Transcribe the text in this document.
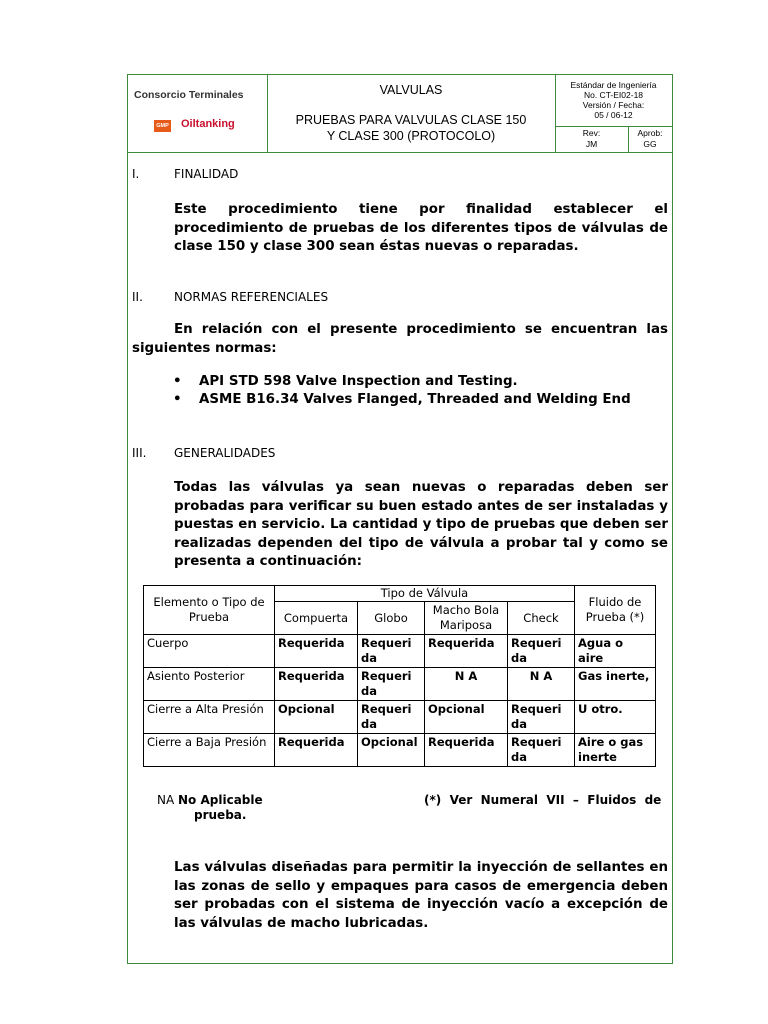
Consorcio Terminales
GMP Oiltanking
VALVULAS
PRUEBAS PARA VALVULAS CLASE 150
Y CLASE 300 (PROTOCOLO)
Estándar de Ingeniería
No. CT-EI02-18
Versión / Fecha:
05 / 06-12
Rev:
JM
Aprob:
GG
I.	FINALIDAD
Este procedimiento tiene por finalidad establecer el procedimiento de pruebas de los diferentes tipos de válvulas de clase 150 y clase 300 sean éstas nuevas o reparadas.
II.	NORMAS REFERENCIALES
En relación con el presente procedimiento se encuentran las siguientes normas:
• API STD 598 Valve Inspection and Testing.
• ASME B16.34 Valves Flanged, Threaded and Welding End
III. GENERALIDADES
Todas las válvulas ya sean nuevas o reparadas deben ser probadas para verificar su buen estado antes de ser instaladas y puestas en servicio. La cantidad y tipo de pruebas que deben ser realizadas dependen del tipo de válvula a probar tal y como se presenta a continuación:
Elemento o Tipo de Prueba	Tipo de Válvula				Fluido de Prueba (*)
	Compuerta	Globo	Macho Bola Mariposa	Check	
Cuerpo	Requerida	Requeri da	Requerida	Requeri da	Agua o aire
Asiento Posterior	Requerida	Requeri da	N A	N A	Gas inerte,
Cierre a Alta Presión	Opcional	Requeri da	Opcional	Requeri da	U otro.
Cierre a Baja Presión	Requerida	Opcional	Requerida	Requeri da	Aire o gas inerte
NA No Aplicable
prueba.
(*)  Ver  Numeral  VII  –  Fluidos  de
Las válvulas diseñadas para permitir la inyección de sellantes en las zonas de sello y empaques para casos de emergencia deben ser probadas con el sistema de inyección vacío a excepción de las válvulas de macho lubricadas.
